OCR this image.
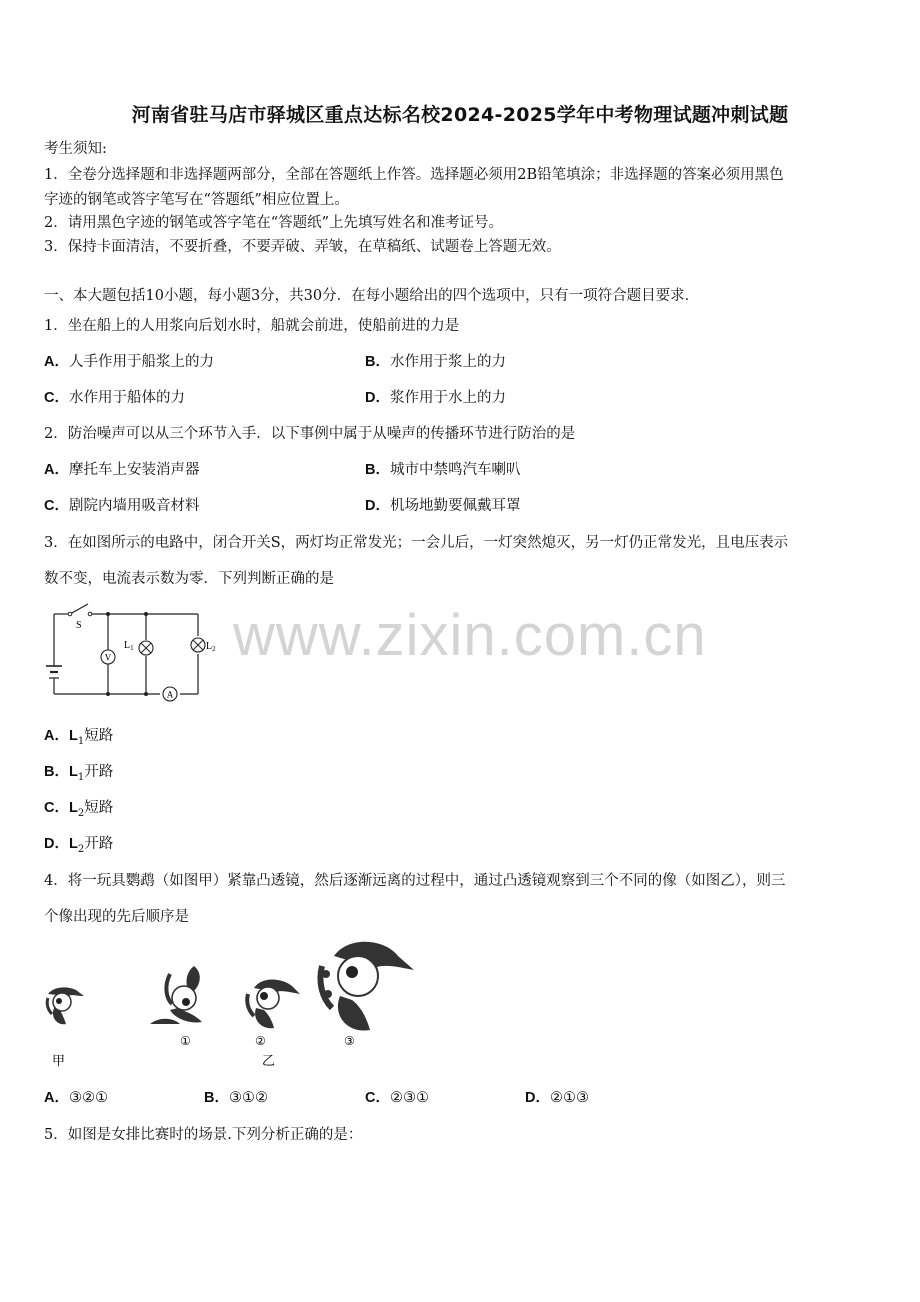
河南省驻马店市驿城区重点达标名校2024-2025学年中考物理试题冲刺试题
考生须知:
1．全卷分选择题和非选择题两部分，全部在答题纸上作答。选择题必须用2B铅笔填涂；非选择题的答案必须用黑色
字迹的钢笔或答字笔写在“答题纸”相应位置上。
2．请用黑色字迹的钢笔或答字笔在“答题纸”上先填写姓名和准考证号。
3．保持卡面清洁，不要折叠，不要弄破、弄皱，在草稿纸、试题卷上答题无效。
一、本大题包括10小题，每小题3分，共30分．在每小题给出的四个选项中，只有一项符合题目要求．
1．坐在船上的人用浆向后划水时，船就会前进，使船前进的力是
A．人手作用于船浆上的力	B．水作用于浆上的力
C．水作用于船体的力	D．浆作用于水上的力
2．防治噪声可以从三个环节入手．以下事例中属于从噪声的传播环节进行防治的是
A．摩托车上安装消声器	B．城市中禁鸣汽车喇叭
C．剧院内墙用吸音材料	D．机场地勤要佩戴耳罩
3．在如图所示的电路中，闭合开关S，两灯均正常发光；一会儿后，一灯突然熄灭，另一灯仍正常发光，且电压表示
数不变，电流表示数为零．下列判断正确的是
V
A
S
$L_1$	$L_2$ www.zixin.com.cn
A．$L_1$短路
B．$L_1$开路
C．$L_2$短路
D．$L_2$开路
4．将一玩具鹦鹉（如图甲）紧靠凸透镜，然后逐渐远离的过程中，通过凸透镜观察到三个不同的像（如图乙），则三
个像出现的先后顺序是
甲
①	②
乙
③
A．③②①	B．③①②	C．②③①	D．②①③
5．如图是女排比赛时的场景.下列分析正确的是：
